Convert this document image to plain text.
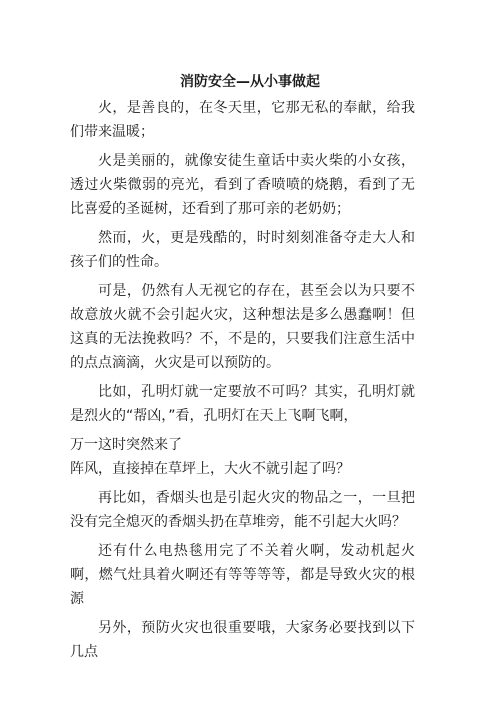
消防安全—从小事做起

火，是善良的，在冬天里，它那无私的奉献，给我们带来温暖；

火是美丽的，就像安徒生童话中卖火柴的小女孩，透过火柴微弱的亮光，看到了香喷喷的烧鹅，看到了无比喜爱的圣诞树，还看到了那可亲的老奶奶；

然而，火，更是残酷的，时时刻刻准备夺走大人和孩子们的性命。

可是，仍然有人无视它的存在，甚至会以为只要不故意放火就不会引起火灾，这种想法是多么愚蠢啊！但这真的无法挽救吗？不，不是的，只要我们注意生活中的点点滴滴，火灾是可以预防的。

比如，孔明灯就一定要放不可吗？其实，孔明灯就是烈火的“帮凶，”看，孔明灯在天上飞啊飞啊，

万一这时突然来了

阵风，直接掉在草坪上，大火不就引起了吗？

再比如，香烟头也是引起火灾的物品之一，一旦把没有完全熄灭的香烟头扔在草堆旁，能不引起大火吗？

还有什么电热毯用完了不关着火啊，发动机起火啊，燃气灶具着火啊还有等等等等，都是导致火灾的根源

另外，预防火灾也很重要哦，大家务必要找到以下几点
